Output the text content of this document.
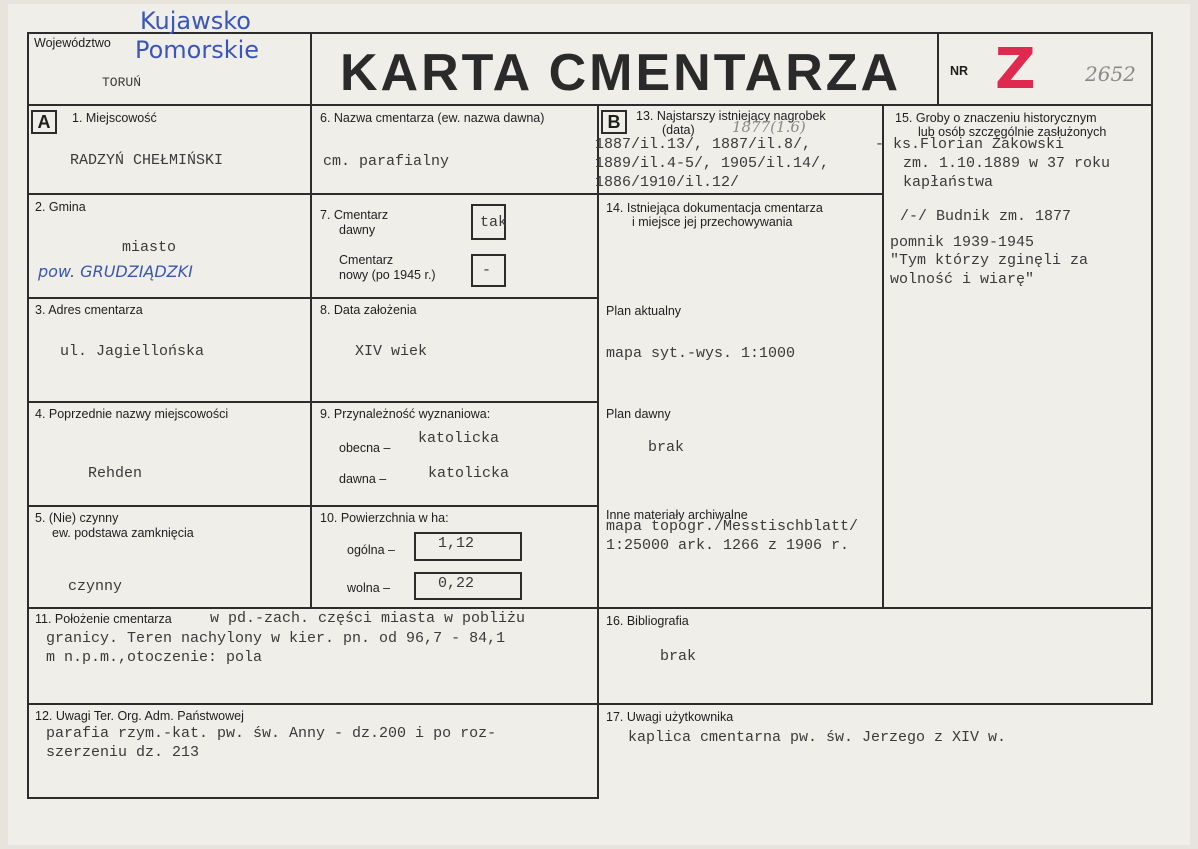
Województwo
Kujawsko
Pomorskie
TORUŃ	KARTA CMENTARZA	NR Z 2652
A	B
1. Miejscowość
RADZYŃ CHEŁMIŃSKI
2. Gmina
miasto
pow. GRUDZIĄDZKI
3. Adres cmentarza
ul. Jagiellońska
4. Poprzednie nazwy miejscowości
Rehden
5. (Nie) czynny
ew. podstawa zamknięcia
czynny
6. Nazwa cmentarza (ew. nazwa dawna)
cm. parafialny
7. Cmentarz
dawny	tak
Cmentarz
nowy (po 1945 r.)	-
8. Data założenia
XIV wiek
9. Przynależność wyznaniowa:
obecna –
katolicka
dawna –	katolicka
10. Powierzchnia w ha:
ogólna –	1,12
wolna –	0,22
11. Położenie cmentarza	w pd.-zach. części miasta w pobliżu
granicy. Teren nachylony w kier. pn. od 96,7 - 84,1
m n.p.m.,otoczenie: pola
12. Uwagi Ter. Org. Adm. Państwowej
parafia rzym.-kat. pw. św. Anny - dz.200 i po roz-
szerzeniu dz. 213
13. Najstarszy istniejący nagrobek
(data) 1877(1.6)
1887/il.13/, 1887/il.8/,
1889/il.4-5/, 1905/il.14/,
1886/1910/il.12/
14. Istniejąca dokumentacja cmentarza
i miejsce jej przechowywania
Plan aktualny
mapa syt.-wys. 1:1000
Plan dawny
brak
Inne materiały archiwalne
mapa topogr./Messtischblatt/
1:25000 ark. 1266 z 1906 r.
15. Groby o znaczeniu historycznym
lub osób szczególnie zasłużonych
- ks.Florian Żakowski
zm. 1.10.1889 w 37 roku
kapłaństwa
/-/ Budnik zm. 1877
pomnik 1939-1945
"Tym którzy zginęli za
wolność i wiarę"
16. Bibliografia
brak
17. Uwagi użytkownika
kaplica cmentarna pw. św. Jerzego z XIV w.
